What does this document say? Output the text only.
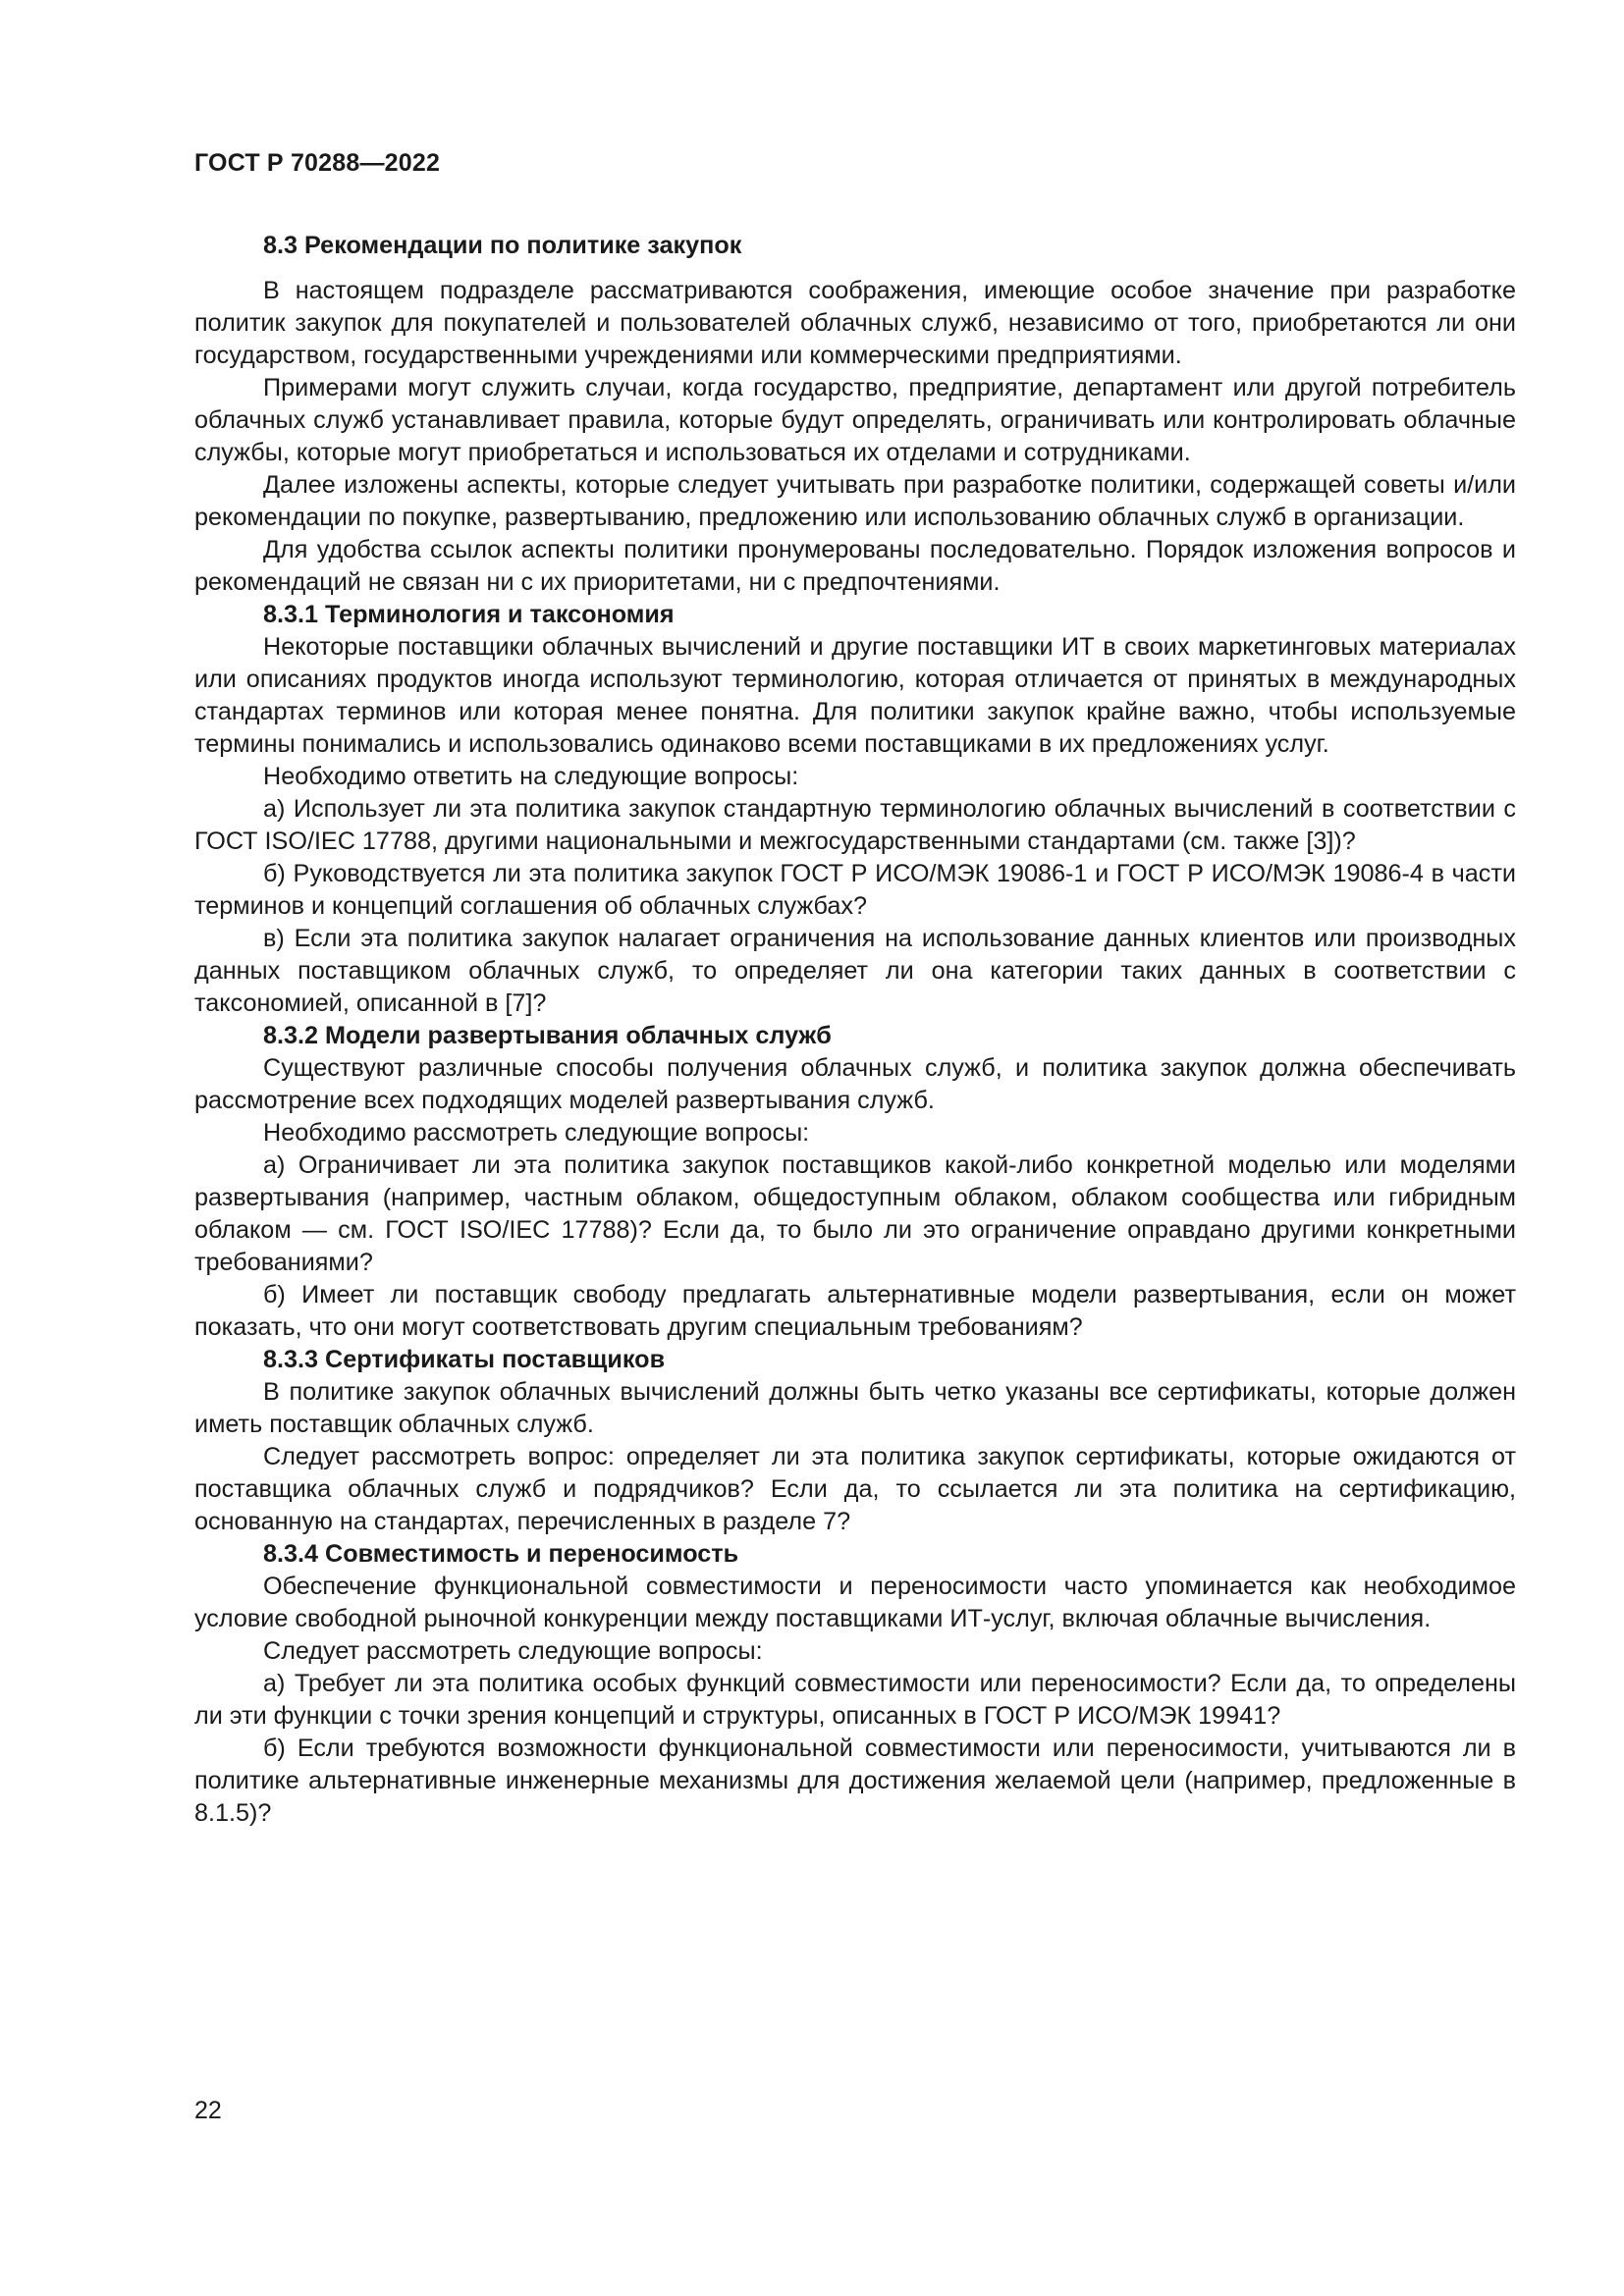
ГОСТ Р 70288—2022
8.3 Рекомендации по политике закупок

В настоящем подразделе рассматриваются соображения, имеющие особое значение при разработке политик закупок для покупателей и пользователей облачных служб, независимо от того, приобретаются ли они государством, государственными учреждениями или коммерческими предприятиями.

Примерами могут служить случаи, когда государство, предприятие, департамент или другой потребитель облачных служб устанавливает правила, которые будут определять, ограничивать или контролировать облачные службы, которые могут приобретаться и использоваться их отделами и сотрудниками.

Далее изложены аспекты, которые следует учитывать при разработке политики, содержащей советы и/или рекомендации по покупке, развертыванию, предложению или использованию облачных служб в организации.

Для удобства ссылок аспекты политики пронумерованы последовательно. Порядок изложения вопросов и рекомендаций не связан ни с их приоритетами, ни с предпочтениями.

8.3.1 Терминология и таксономия

Некоторые поставщики облачных вычислений и другие поставщики ИТ в своих маркетинговых материалах или описаниях продуктов иногда используют терминологию, которая отличается от принятых в международных стандартах терминов или которая менее понятна. Для политики закупок крайне важно, чтобы используемые термины понимались и использовались одинаково всеми поставщиками в их предложениях услуг.

Необходимо ответить на следующие вопросы:

а) Использует ли эта политика закупок стандартную терминологию облачных вычислений в соответствии с ГОСТ ISO/IEC 17788, другими национальными и межгосударственными стандартами (см. также [3])?

б) Руководствуется ли эта политика закупок ГОСТ Р ИСО/МЭК 19086-1 и ГОСТ Р ИСО/МЭК 19086-4 в части терминов и концепций соглашения об облачных службах?

в) Если эта политика закупок налагает ограничения на использование данных клиентов или производных данных поставщиком облачных служб, то определяет ли она категории таких данных в соответствии с таксономией, описанной в [7]?

8.3.2 Модели развертывания облачных служб

Существуют различные способы получения облачных служб, и политика закупок должна обеспечивать рассмотрение всех подходящих моделей развертывания служб.

Необходимо рассмотреть следующие вопросы:

а) Ограничивает ли эта политика закупок поставщиков какой-либо конкретной моделью или моделями развертывания (например, частным облаком, общедоступным облаком, облаком сообщества или гибридным облаком — см. ГОСТ ISO/IEC 17788)? Если да, то было ли это ограничение оправдано другими конкретными требованиями?

б) Имеет ли поставщик свободу предлагать альтернативные модели развертывания, если он может показать, что они могут соответствовать другим специальным требованиям?

8.3.3 Сертификаты поставщиков

В политике закупок облачных вычислений должны быть четко указаны все сертификаты, которые должен иметь поставщик облачных служб.

Следует рассмотреть вопрос: определяет ли эта политика закупок сертификаты, которые ожидаются от поставщика облачных служб и подрядчиков? Если да, то ссылается ли эта политика на сертификацию, основанную на стандартах, перечисленных в разделе 7?

8.3.4 Совместимость и переносимость

Обеспечение функциональной совместимости и переносимости часто упоминается как необходимое условие свободной рыночной конкуренции между поставщиками ИТ-услуг, включая облачные вычисления.

Следует рассмотреть следующие вопросы:

а) Требует ли эта политика особых функций совместимости или переносимости? Если да, то определены ли эти функции с точки зрения концепций и структуры, описанных в ГОСТ Р ИСО/МЭК 19941?

б) Если требуются возможности функциональной совместимости или переносимости, учитываются ли в политике альтернативные инженерные механизмы для достижения желаемой цели (например, предложенные в 8.1.5)?

22
